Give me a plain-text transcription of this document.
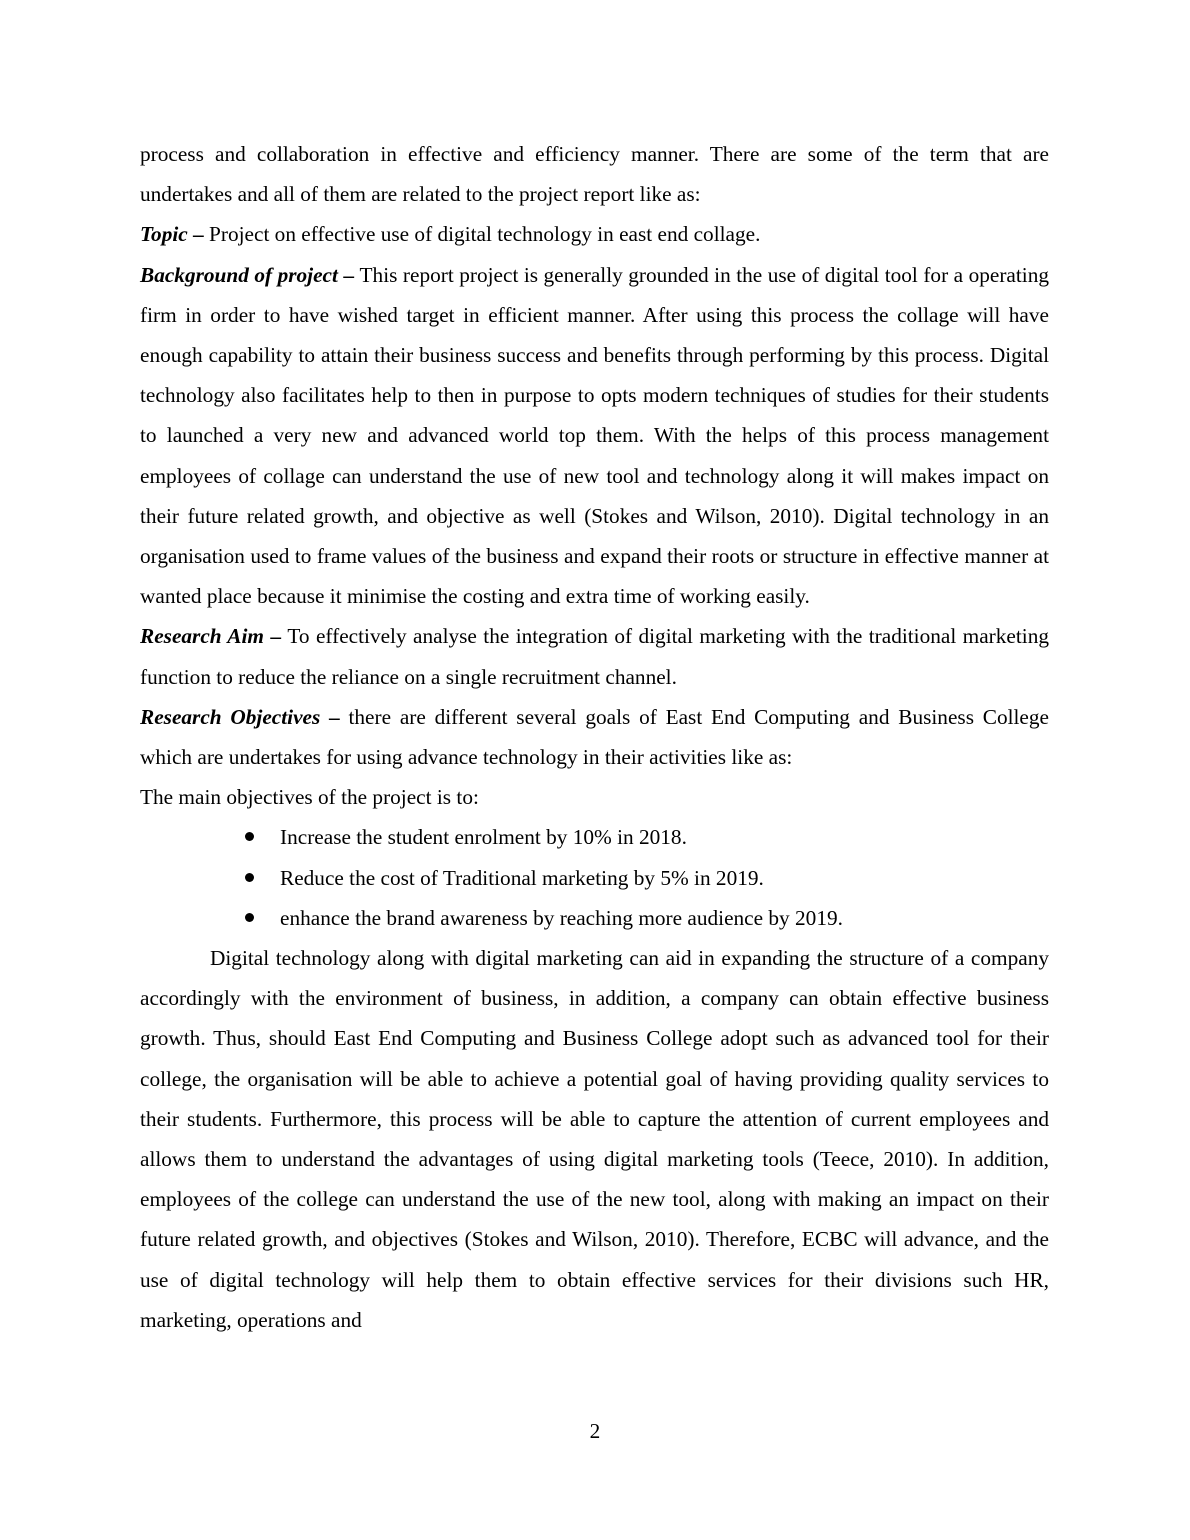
process and collaboration in effective and efficiency manner. There are some of the term that are undertakes and all of them are related to the project report like as:

Topic – Project on effective use of digital technology in east end collage.

Background of project – This report project is generally grounded in the use of digital tool for a operating firm in order to have wished target in efficient manner. After using this process the collage will have enough capability to attain their business success and benefits through performing by this process. Digital technology also facilitates help to then in purpose to opts modern techniques of studies for their students to launched a very new and advanced world top them. With the helps of this process management employees of collage can understand the use of new tool and technology along it will makes impact on their future related growth, and objective as well (Stokes and Wilson, 2010). Digital technology in an organisation used to frame values of the business and expand their roots or structure in effective manner at wanted place because it minimise the costing and extra time of working easily.

Research Aim – To effectively analyse the integration of digital marketing with the traditional marketing function to reduce the reliance on a single recruitment channel.

Research Objectives – there are different several goals of East End Computing and Business College which are undertakes for using advance technology in their activities like as:

The main objectives of the project is to:

Increase the student enrolment by 10% in 2018.
Reduce the cost of Traditional marketing by 5% in 2019.
enhance the brand awareness by reaching more audience by 2019.

Digital technology along with digital marketing can aid in expanding the structure of a company accordingly with the environment of business, in addition, a company can obtain effective business growth. Thus, should East End Computing and Business College adopt such as advanced tool for their college, the organisation will be able to achieve a potential goal of having providing quality services to their students. Furthermore, this process will be able to capture the attention of current employees and allows them to understand the advantages of using digital marketing tools (Teece, 2010). In addition, employees of the college can understand the use of the new tool, along with making an impact on their future related growth, and objectives (Stokes and Wilson, 2010). Therefore, ECBC will advance, and the use of digital technology will help them to obtain effective services for their divisions such HR, marketing, operations and

2
